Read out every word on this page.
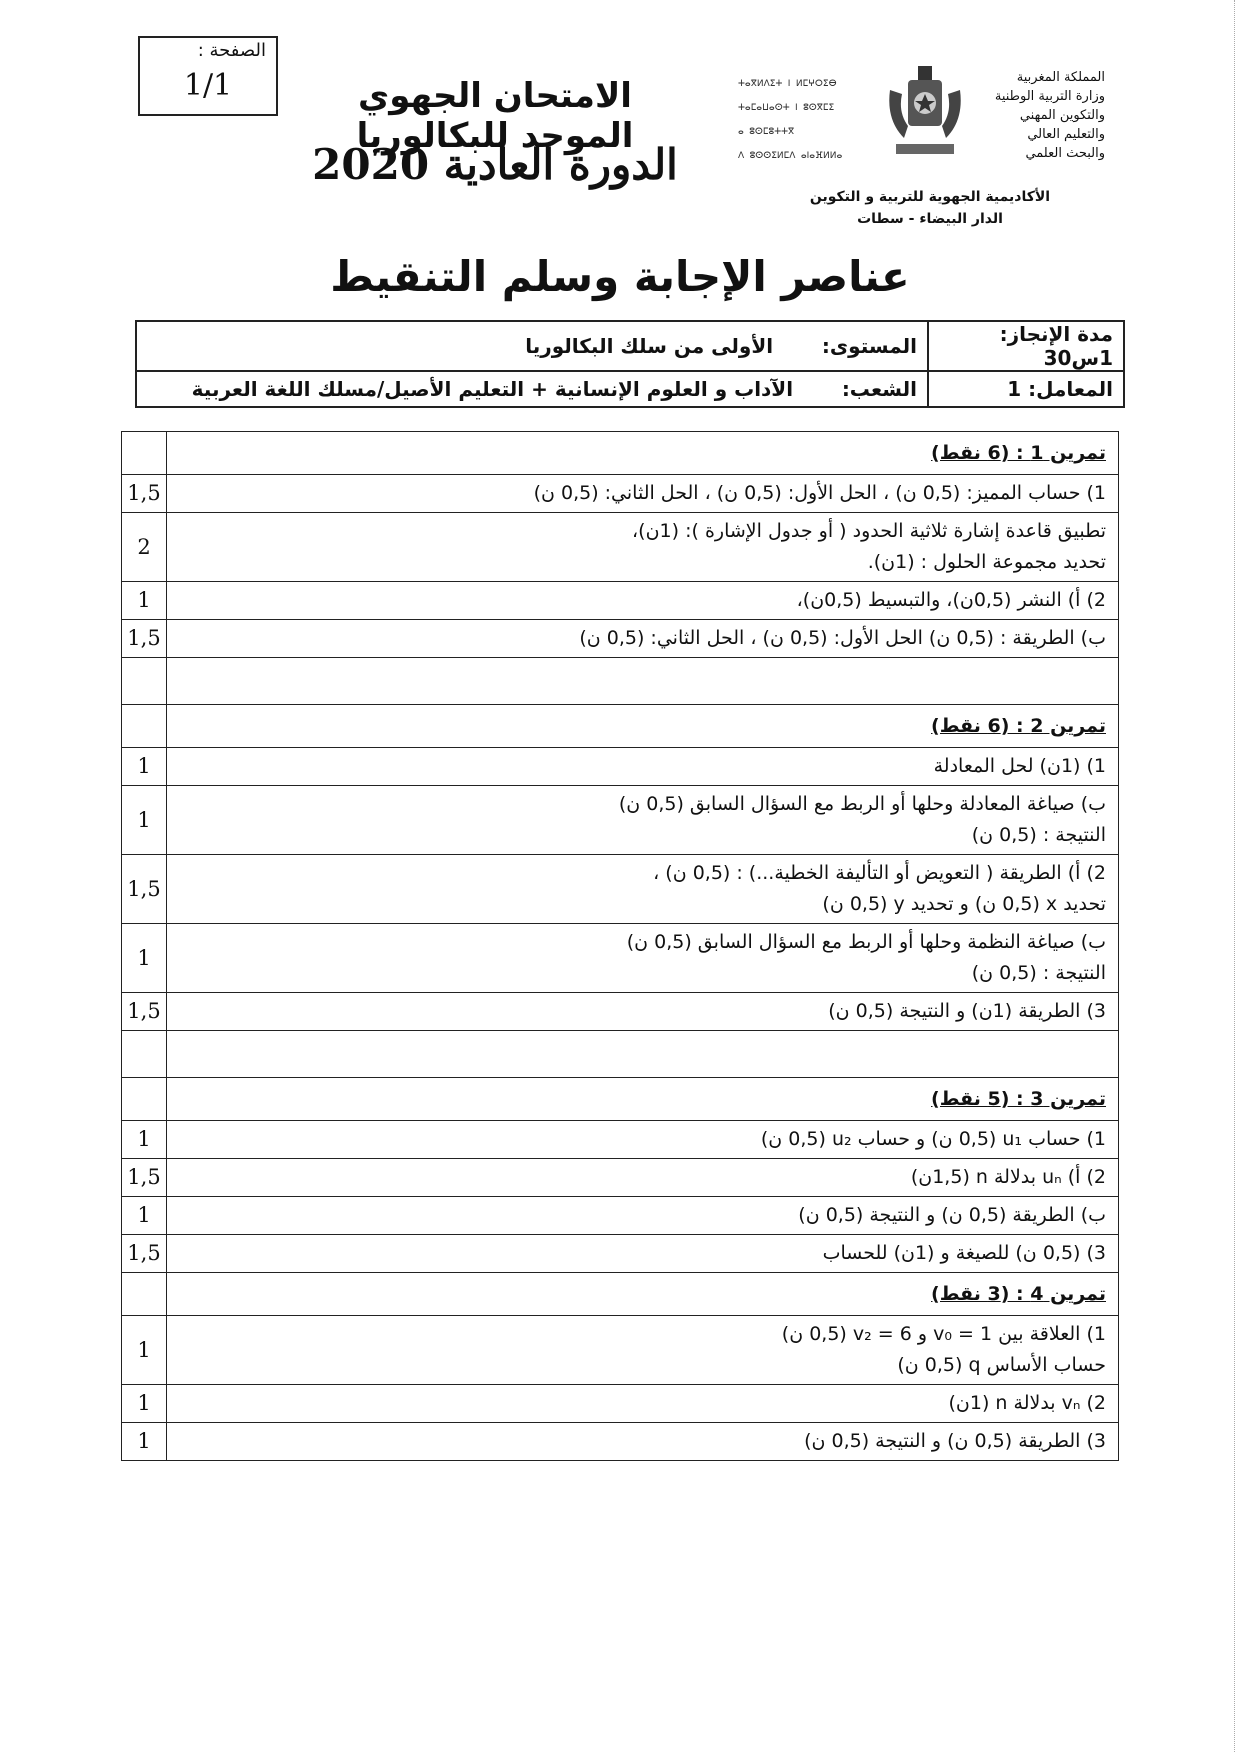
الصفحة :
1/1	الامتحان الجهوي الموحد للبكالوريا
الدورة العادية 2020
ⵜⴰⴳⵍⴷⵉⵜ ⵏ ⵍⵎⵖⵔⵉⴱ
ⵜⴰⵎⴰⵡⴰⵙⵜ ⵏ ⵓⵙⴳⵎⵉ
ⴰ ⵓⵙⵎⵓⵜⵜⴳ
ⴷ ⵓⵙⵙⵉⵍⵎⴷ ⴰⵏⴰⴼⵍⵍⴰ
المملكة المغربية
وزارة التربية الوطنية
والتكوين المهني
والتعليم العالي والبحث العلمي
الأكاديمية الجهوية للتربية و التكوين
الدار البيضاء - سطات
عناصر الإجابة وسلم التنقيط
المستوى:       الأولى من سلك البكالوريا	مدة الإنجاز: 1س30
الشعب:       الآداب و العلوم الإنسانية + التعليم الأصيل/مسلك اللغة العربية	المعامل: 1
	تمرين 1 : (6 نقط)
1,5	1) حساب المميز: (0,5 ن) ، الحل الأول: (0,5 ن) ، الحل الثاني: (0,5 ن)

2	تطبيق قاعدة إشارة ثلاثية الحدود ( أو جدول الإشارة ): (1ن)،
تحديد مجموعة الحلول : (1ن).

1	2) أ) النشر (0,5ن)، والتبسيط (0,5ن)،

1,5	ب) الطريقة : (0,5 ن) الحل الأول: (0,5 ن) ، الحل الثاني: (0,5 ن)

	تمرين 2 : (6 نقط)
1	1) (1ن) لحل المعادلة

1	ب) صياغة المعادلة وحلها أو الربط مع السؤال السابق (0,5 ن)
النتيجة : (0,5 ن)

1,5	2) أ) الطريقة ( التعويض أو التأليفة الخطية...) : (0,5 ن) ،
تحديد x (0,5 ن) و تحديد y (0,5 ن)

1	ب) صياغة النظمة وحلها أو الربط مع السؤال السابق (0,5 ن)
النتيجة : (0,5 ن)

1,5	3) الطريقة (1ن) و النتيجة (0,5 ن)

	تمرين 3 : (5 نقط)
1	1) حساب u₁ (0,5 ن) و حساب u₂ (0,5 ن)

1,5	2) أ) uₙ بدلالة n (1,5ن)

1	ب) الطريقة (0,5 ن) و النتيجة (0,5 ن)

1,5	3) (0,5 ن) للصيغة و (1ن) للحساب

	تمرين 4 : (3 نقط)
1	1) العلاقة بين v₀ = 1 و v₂ = 6 (0,5 ن)
حساب الأساس q (0,5 ن)

1	2) vₙ بدلالة n (1ن)

1	3) الطريقة (0,5 ن) و النتيجة (0,5 ن)
